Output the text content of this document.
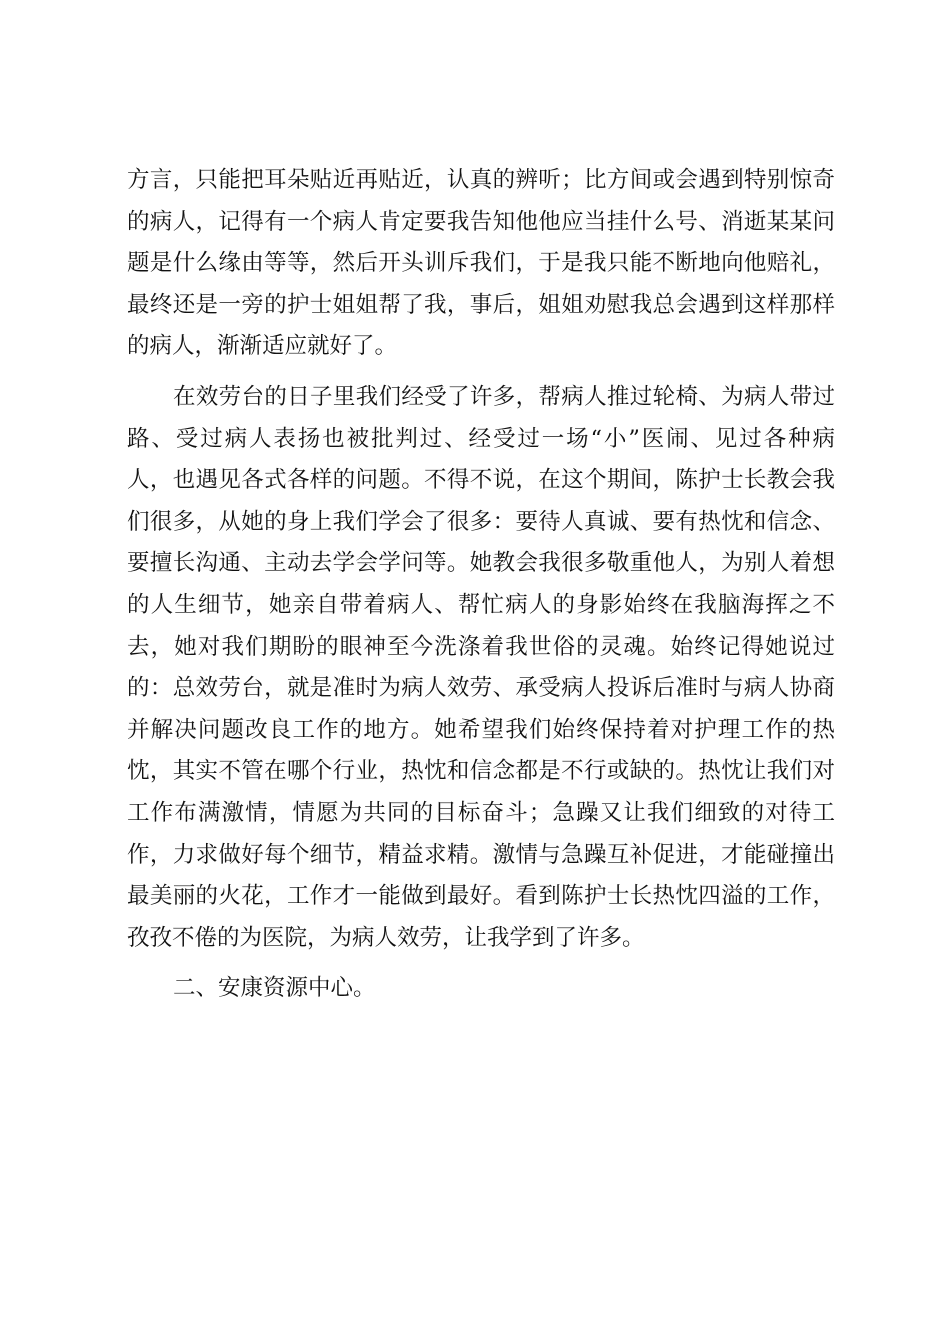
方言，只能把耳朵贴近再贴近，认真的辨听；比方间或会遇到特别惊奇
的病人，记得有一个病人肯定要我告知他他应当挂什么号、消逝某某问
题是什么缘由等等，然后开头训斥我们，于是我只能不断地向他赔礼，
最终还是一旁的护士姐姐帮了我，事后，姐姐劝慰我总会遇到这样那样
的病人，渐渐适应就好了。
在效劳台的日子里我们经受了许多，帮病人推过轮椅、为病人带过
路、受过病人表扬也被批判过、经受过一场“小”医闹、见过各种病
人，也遇见各式各样的问题。不得不说，在这个期间，陈护士长教会我
们很多，从她的身上我们学会了很多：要待人真诚、要有热忱和信念、
要擅长沟通、主动去学会学问等。她教会我很多敬重他人，为别人着想
的人生细节，她亲自带着病人、帮忙病人的身影始终在我脑海挥之不
去，她对我们期盼的眼神至今洗涤着我世俗的灵魂。始终记得她说过
的：总效劳台，就是准时为病人效劳、承受病人投诉后准时与病人协商
并解决问题改良工作的地方。她希望我们始终保持着对护理工作的热
忱，其实不管在哪个行业，热忱和信念都是不行或缺的。热忱让我们对
工作布满激情，情愿为共同的目标奋斗；急躁又让我们细致的对待工
作，力求做好每个细节，精益求精。激情与急躁互补促进，才能碰撞出
最美丽的火花，工作才一能做到最好。看到陈护士长热忱四溢的工作，
孜孜不倦的为医院，为病人效劳，让我学到了许多。
二、安康资源中心。
